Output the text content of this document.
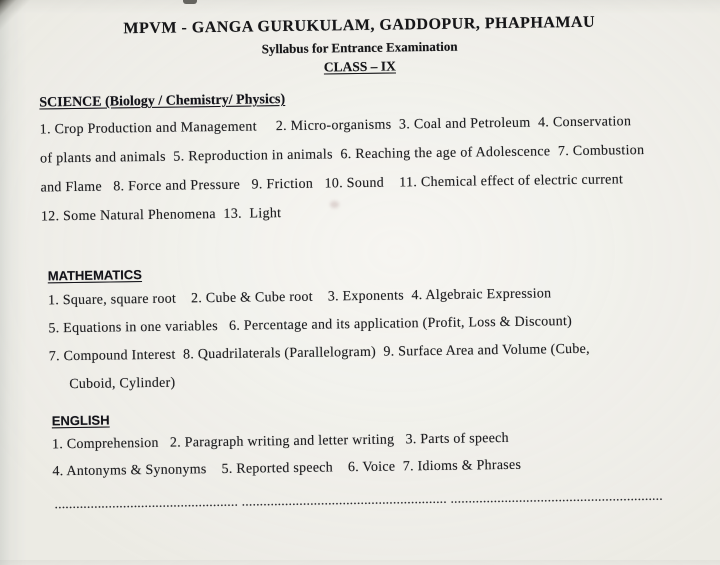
MPVM - GANGA GURUKULAM, GADDOPUR, PHAPHAMAU
Syllabus for Entrance Examination
CLASS – IX
SCIENCE (Biology / Chemistry/ Physics)
1. Crop Production and Management     2. Micro-organisms  3. Coal and Petroleum  4. Conservation
of plants and animals  5. Reproduction in animals  6. Reaching the age of Adolescence  7. Combustion
and Flame   8. Force and Pressure   9. Friction   10. Sound    11. Chemical effect of electric current
12. Some Natural Phenomena  13.  Light
MATHEMATICS
1. Square, square root    2. Cube & Cube root    3. Exponents  4. Algebraic Expression
5. Equations in one variables   6. Percentage and its application (Profit, Loss & Discount)
7. Compound Interest  8. Quadrilaterals (Parallelogram)  9. Surface Area and Volume (Cube,
Cuboid, Cylinder)
ENGLISH
1. Comprehension   2. Paragraph writing and letter writing   3. Parts of speech
4. Antonyms & Synonyms    5. Reported speech    6. Voice  7. Idioms & Phrases
................................................... ......................................................... ...........................................................
